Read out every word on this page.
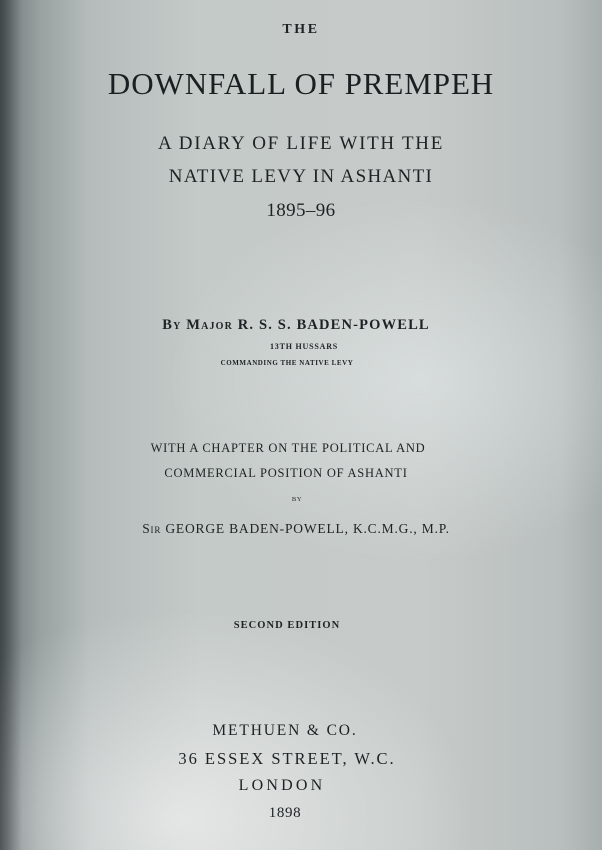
THE
DOWNFALL OF PREMPEH
A DIARY OF LIFE WITH THE
NATIVE LEVY IN ASHANTI
1895–96
By Major R. S. S. BADEN-POWELL
13TH HUSSARS
COMMANDING THE NATIVE LEVY
WITH A CHAPTER ON THE POLITICAL AND
COMMERCIAL POSITION OF ASHANTI
BY
Sir GEORGE BADEN-POWELL, K.C.M.G., M.P.
SECOND EDITION
METHUEN & CO.
36 ESSEX STREET, W.C.
LONDON
1898
